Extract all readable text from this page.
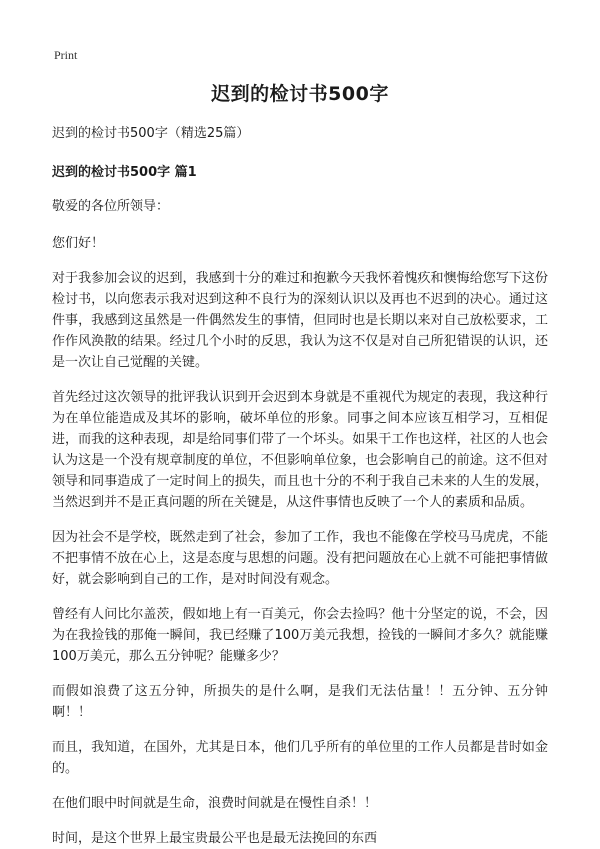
Print
迟到的检讨书500字
迟到的检讨书500字（精选25篇）
迟到的检讨书500字 篇1
敬爱的各位所领导：
您们好！
对于我参加会议的迟到，我感到十分的难过和抱歉今天我怀着愧疚和懊悔给您写下这份检讨书，以向您表示我对迟到这种不良行为的深刻认识以及再也不迟到的决心。通过这件事，我感到这虽然是一件偶然发生的事情，但同时也是长期以来对自己放松要求，工作作风涣散的结果。经过几个小时的反思，我认为这不仅是对自己所犯错误的认识，还是一次让自己觉醒的关键。
首先经过这次领导的批评我认识到开会迟到本身就是不重视代为规定的表现，我这种行为在单位能造成及其坏的影响，破坏单位的形象。同事之间本应该互相学习，互相促进，而我的这种表现，却是给同事们带了一个坏头。如果干工作也这样，社区的人也会认为这是一个没有规章制度的单位，不但影响单位象，也会影响自己的前途。这不但对领导和同事造成了一定时间上的损失，而且也十分的不利于我自己未来的人生的发展，当然迟到并不是正真问题的所在关键是，从这件事情也反映了一个人的素质和品质。
因为社会不是学校，既然走到了社会，参加了工作，我也不能像在学校马马虎虎，不能不把事情不放在心上，这是态度与思想的问题。没有把问题放在心上就不可能把事情做好，就会影响到自己的工作，是对时间没有观念。
曾经有人问比尔盖茨，假如地上有一百美元，你会去捡吗？他十分坚定的说，不会，因为在我捡钱的那俺一瞬间，我已经赚了100万美元我想，捡钱的一瞬间才多久？就能赚100万美元，那么五分钟呢？能赚多少？
而假如浪费了这五分钟，所损失的是什么啊，是我们无法估量！！五分钟、五分钟啊！！
而且，我知道，在国外，尤其是日本，他们几乎所有的单位里的工作人员都是昔时如金的。
在他们眼中时间就是生命，浪费时间就是在慢性自杀！！
时间，是这个世界上最宝贵最公平也是最无法挽回的东西
